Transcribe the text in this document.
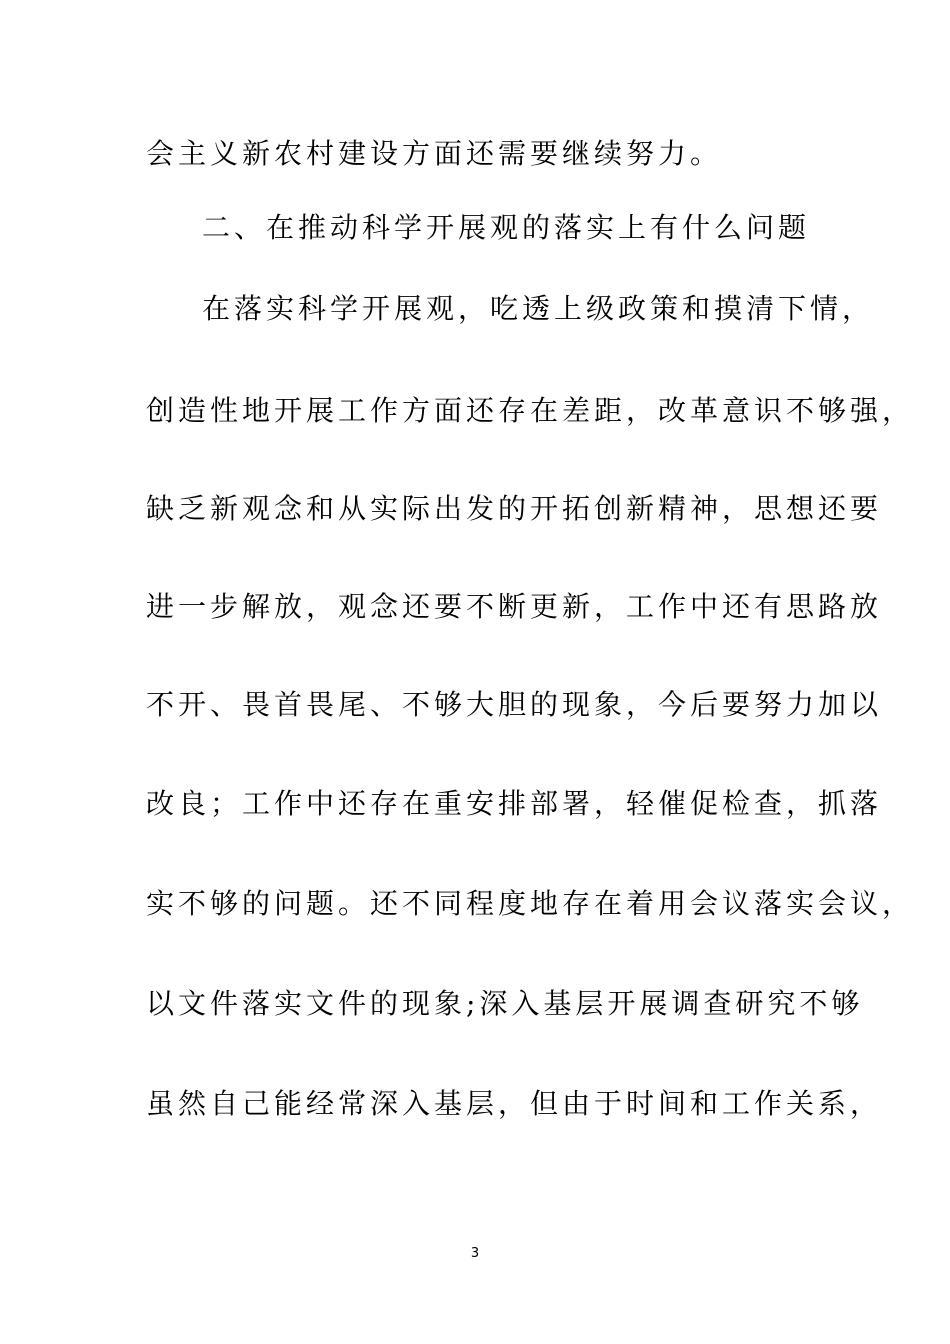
会主义新农村建设方面还需要继续努力。
二、在推动科学开展观的落实上有什么问题
在落实科学开展观，吃透上级政策和摸清下情，
创造性地开展工作方面还存在差距，改革意识不够强，
缺乏新观念和从实际出发的开拓创新精神，思想还要
进一步解放，观念还要不断更新，工作中还有思路放
不开、畏首畏尾、不够大胆的现象，今后要努力加以
改良；工作中还存在重安排部署，轻催促检查，抓落
实不够的问题。还不同程度地存在着用会议落实会议，
以文件落实文件的现象;深入基层开展调查研究不够
虽然自己能经常深入基层，但由于时间和工作关系，
3
